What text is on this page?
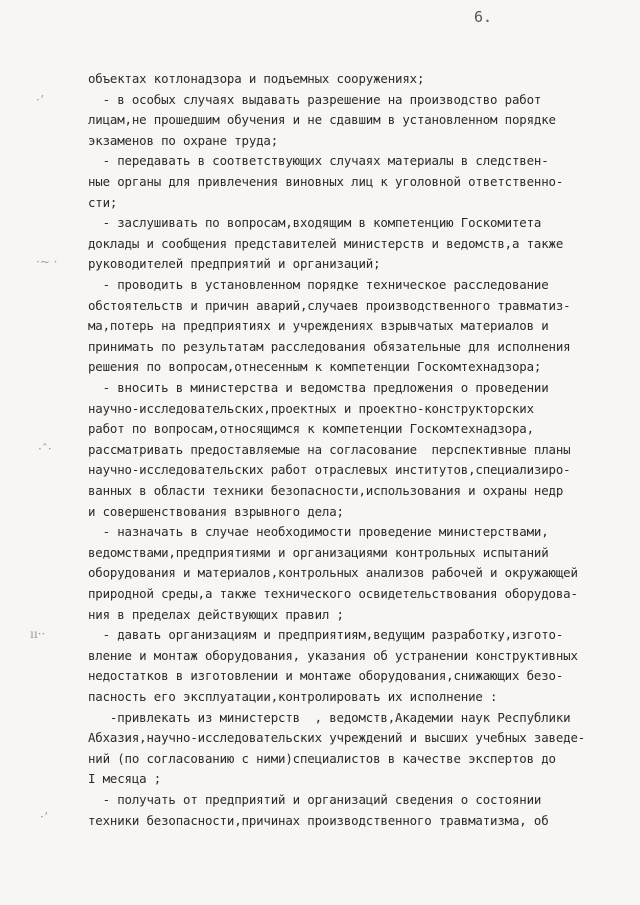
6.
объектах котлонадзора и подъемных сооружениях;
- в особых случаях выдавать разрешение на производство работ
лицам,не прошедшим обучения и не сдавшим в установленном порядке
экзаменов по охране труда;
- передавать в соответствующих случаях материалы в следствен-
ные органы для привлечения виновных лиц к уголовной ответственно-
сти;
- заслушивать по вопросам,входящим в компетенцию Госкомитета
доклады и сообщения представителей министерств и ведомств,а также
руководителей предприятий и организаций;
- проводить в установленном порядке техническое расследование
обстоятельств и причин аварий,случаев производственного травматиз-
ма,потерь на предприятиях и учреждениях взрывчатых материалов и
принимать по результатам расследования обязательные для исполнения
решения по вопросам,отнесенным к компетенции Госкомтехнадзора;
- вносить в министерства и ведомства предложения о проведении
научно-исследовательских,проектных и проектно-конструкторских
работ по вопросам,относящимся к компетенции Госкомтехнадзора,
рассматривать предоставляемые на согласование  перспективные планы
научно-исследовательских работ отраслевых институтов,специализиро-
ванных в области техники безопасности,использования и охраны недр
и совершенствования взрывного дела;
- назначать в случае необходимости проведение министерствами,
ведомствами,предприятиями и организациями контрольных испытаний
оборудования и материалов,контрольных анализов рабочей и окружающей
природной среды,а также технического освидетельствования оборудова-
ния в пределах действующих правил ;
- давать организациям и предприятиям,ведущим разработку,изгото-
вление и монтаж оборудования, указания об устранении конструктивных
недостатков в изготовлении и монтаже оборудования,снижающих безо-
пасность его эксплуатации,контролировать их исполнение :
-привлекать из министерств  , ведомств,Академии наук Республики
Абхазия,научно-исследовательских учреждений и высших учебных заведе-
ний (по согласованию с ними)специалистов в качестве экспертов до
I месяца ;
- получать от предприятий и организаций сведения о состоянии
техники безопасности,причинах производственного травматизма, об
·ʼ
·~ ·
·ˆ·
ıı··
·ʼ
